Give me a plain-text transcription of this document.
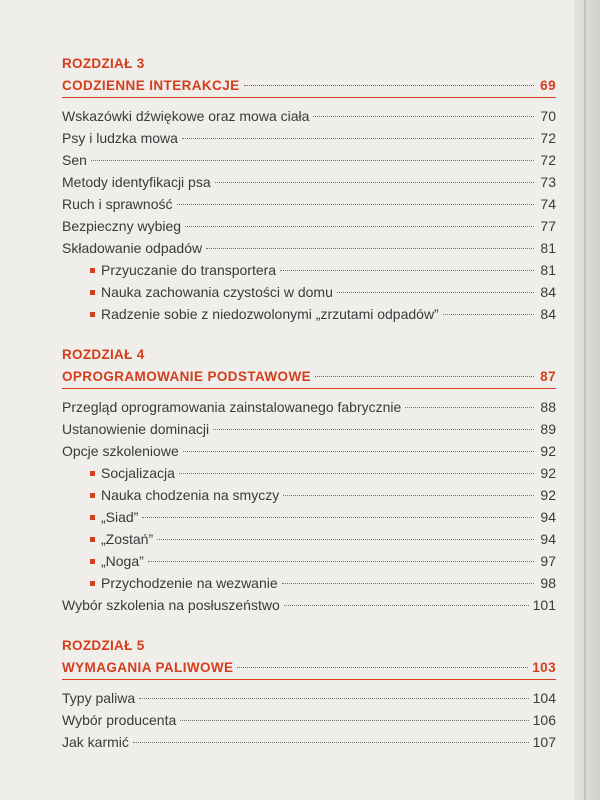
ROZDZIAŁ 3
CODZIENNE INTERAKCJE	69
Wskazówki dźwiękowe oraz mowa ciała	70
Psy i ludzka mowa	72
Sen	72
Metody identyfikacji psa	73
Ruch i sprawność	74
Bezpieczny wybieg	77
Składowanie odpadów	81
Przyuczanie do transportera	81
Nauka zachowania czystości w domu	84
Radzenie sobie z niedozwolonymi „zrzutami odpadów”	84
ROZDZIAŁ 4
OPROGRAMOWANIE PODSTAWOWE	87
Przegląd oprogramowania zainstalowanego fabrycznie	88
Ustanowienie dominacji	89
Opcje szkoleniowe	92
Socjalizacja	92
Nauka chodzenia na smyczy	92
„Siad”	94
„Zostań”	94
„Noga”	97
Przychodzenie na wezwanie	98
Wybór szkolenia na posłuszeństwo	101
ROZDZIAŁ 5
WYMAGANIA PALIWOWE	103
Typy paliwa	104
Wybór producenta	106
Jak karmić	107
